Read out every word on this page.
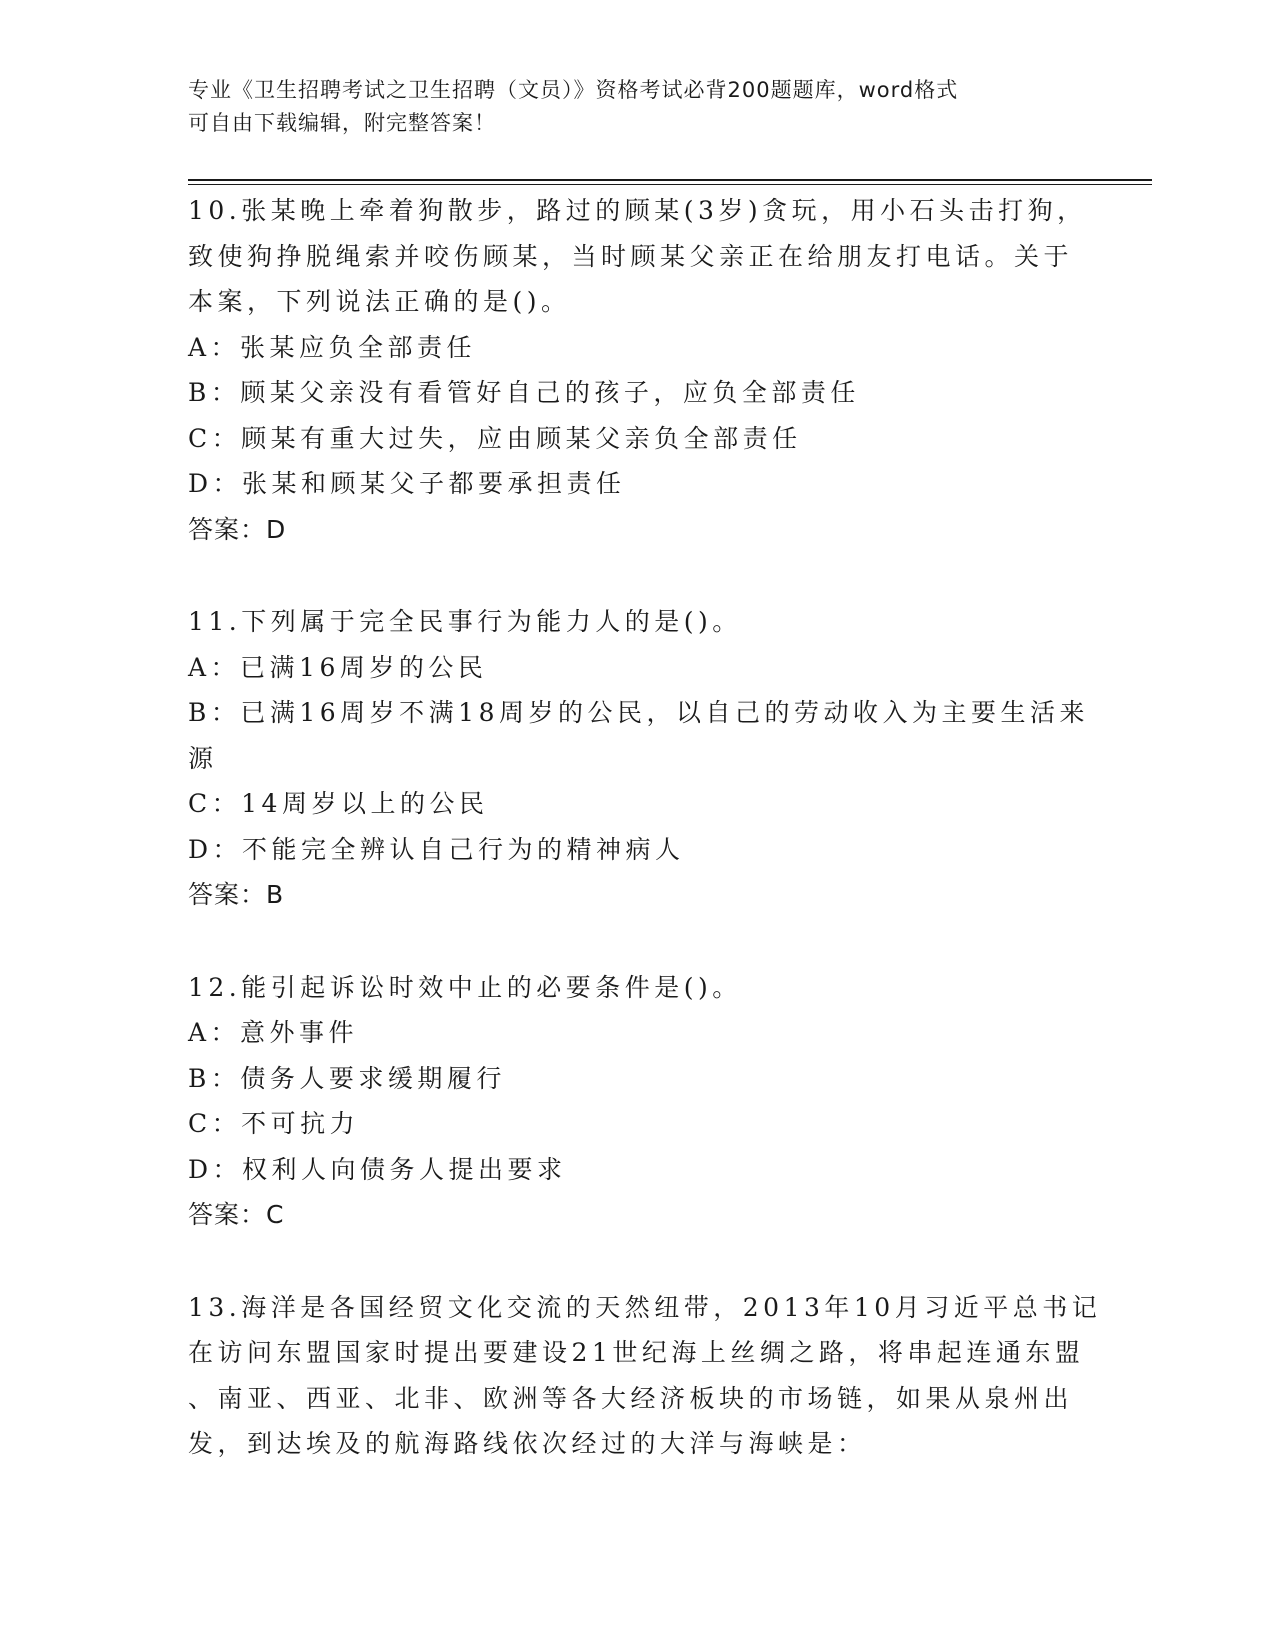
专业《卫生招聘考试之卫生招聘（文员）》资格考试必背200题题库，word格式
可自由下载编辑，附完整答案！

10.张某晚上牵着狗散步，路过的顾某(3岁)贪玩，用小石头击打狗，

致使狗挣脱绳索并咬伤顾某，当时顾某父亲正在给朋友打电话。关于

本案，下列说法正确的是()。

A：张某应负全部责任

B：顾某父亲没有看管好自己的孩子，应负全部责任

C：顾某有重大过失，应由顾某父亲负全部责任

D：张某和顾某父子都要承担责任

答案：D

11.下列属于完全民事行为能力人的是()。

A：已满16周岁的公民

B：已满16周岁不满18周岁的公民，以自己的劳动收入为主要生活来

源

C：14周岁以上的公民

D：不能完全辨认自己行为的精神病人

答案：B

12.能引起诉讼时效中止的必要条件是()。

A：意外事件

B：债务人要求缓期履行

C：不可抗力

D：权利人向债务人提出要求

答案：C

13.海洋是各国经贸文化交流的天然纽带，2013年10月习近平总书记

在访问东盟国家时提出要建设21世纪海上丝绸之路，将串起连通东盟

、南亚、西亚、北非、欧洲等各大经济板块的市场链，如果从泉州出

发，到达埃及的航海路线依次经过的大洋与海峡是：
